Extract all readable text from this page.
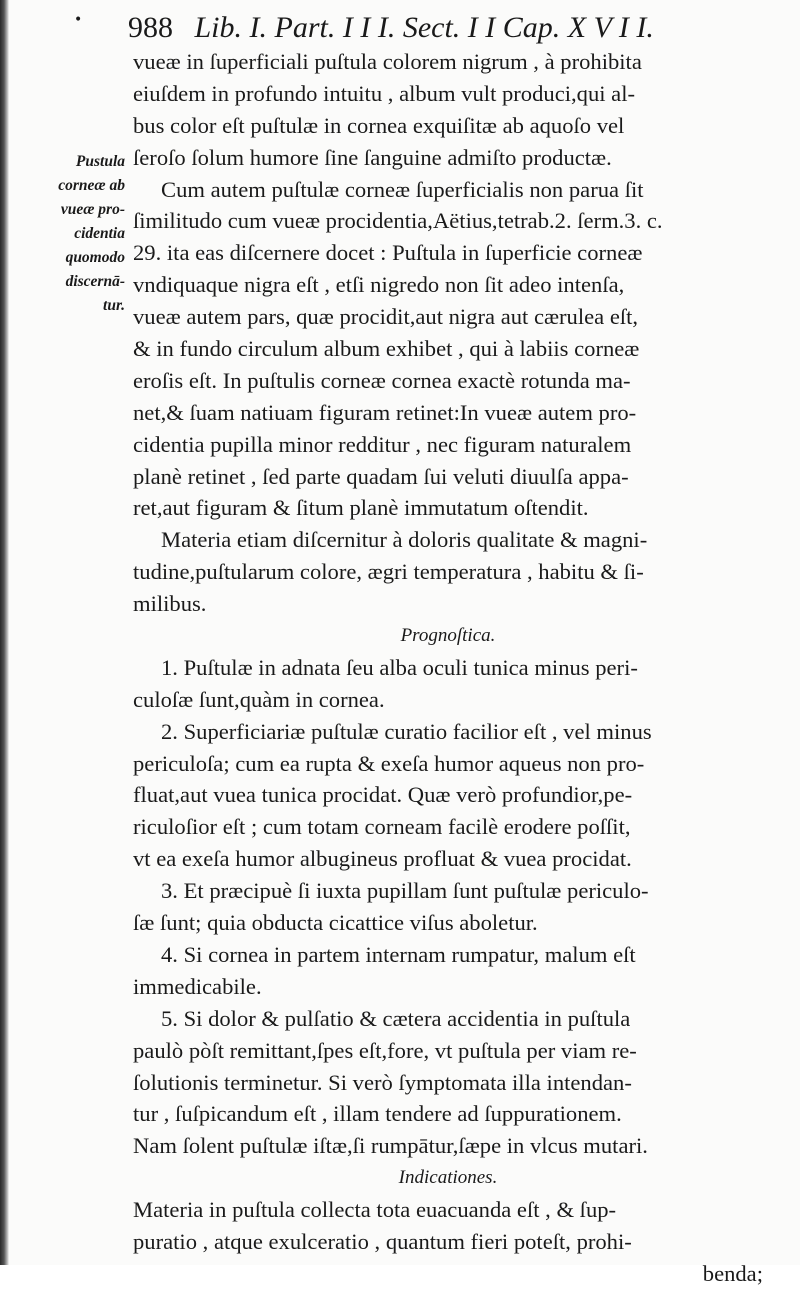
• 988 Lib. I. Part. I I I. Sect. I I Cap. X V I I.
Pustula
corneæ ab
vueæ pro-
cidentia
quomodo
discernā-
tur.
vueæ in ſuperficiali puſtula colorem nigrum , à prohibita
eiuſdem in profundo intuitu , album vult produci,qui al-
bus color eſt puſtulæ in cornea exquiſitæ ab aquoſo vel
ſeroſo ſolum humore ſine ſanguine admiſto productæ.
Cum autem puſtulæ corneæ ſuperficialis non parua ſit
ſimilitudo cum vueæ procidentia,Aëtius,tetrab.2. ſerm.3. c.
29. ita eas diſcernere docet : Puſtula in ſuperficie corneæ
vndiquaque nigra eſt , etſi nigredo non ſit adeo intenſa,
vueæ autem pars, quæ procidit,aut nigra aut cærulea eſt,
& in fundo circulum album exhibet , qui à labiis corneæ
eroſis eſt. In puſtulis corneæ cornea exactè rotunda ma-
net,& ſuam natiuam figuram retinet:In vueæ autem pro-
cidentia pupilla minor redditur , nec figuram naturalem
planè retinet , ſed parte quadam ſui veluti diuulſa appa-
ret,aut figuram & ſitum planè immutatum oſtendit.
Materia etiam diſcernitur à doloris qualitate & magni-
tudine,puſtularum colore, ægri temperatura , habitu & ſi-
milibus.
Prognoſtica.
1. Puſtulæ in adnata ſeu alba oculi tunica minus peri-
culoſæ ſunt,quàm in cornea.
2. Superficiariæ puſtulæ curatio facilior eſt , vel minus
periculoſa; cum ea rupta & exeſa humor aqueus non pro-
fluat,aut vuea tunica procidat. Quæ verò profundior,pe-
riculoſior eſt ; cum totam corneam facilè erodere poſſit,
vt ea exeſa humor albugineus profluat & vuea procidat.
3. Et præcipuè ſi iuxta pupillam ſunt puſtulæ periculo-
ſæ ſunt; quia obducta cicattice viſus aboletur.
4. Si cornea in partem internam rumpatur, malum eſt
immedicabile.
5. Si dolor & pulſatio & cætera accidentia in puſtula
paulò pòſt remittant,ſpes eſt,fore, vt puſtula per viam re-
ſolutionis terminetur. Si verò ſymptomata illa intendan-
tur , ſuſpicandum eſt , illam tendere ad ſuppurationem.
Nam ſolent puſtulæ iſtæ,ſi rumpātur,ſæpe in vlcus mutari.
Indicationes.
Materia in puſtula collecta tota euacuanda eſt , & ſup-
puratio , atque exulceratio , quantum fieri poteſt, prohi-
benda;
